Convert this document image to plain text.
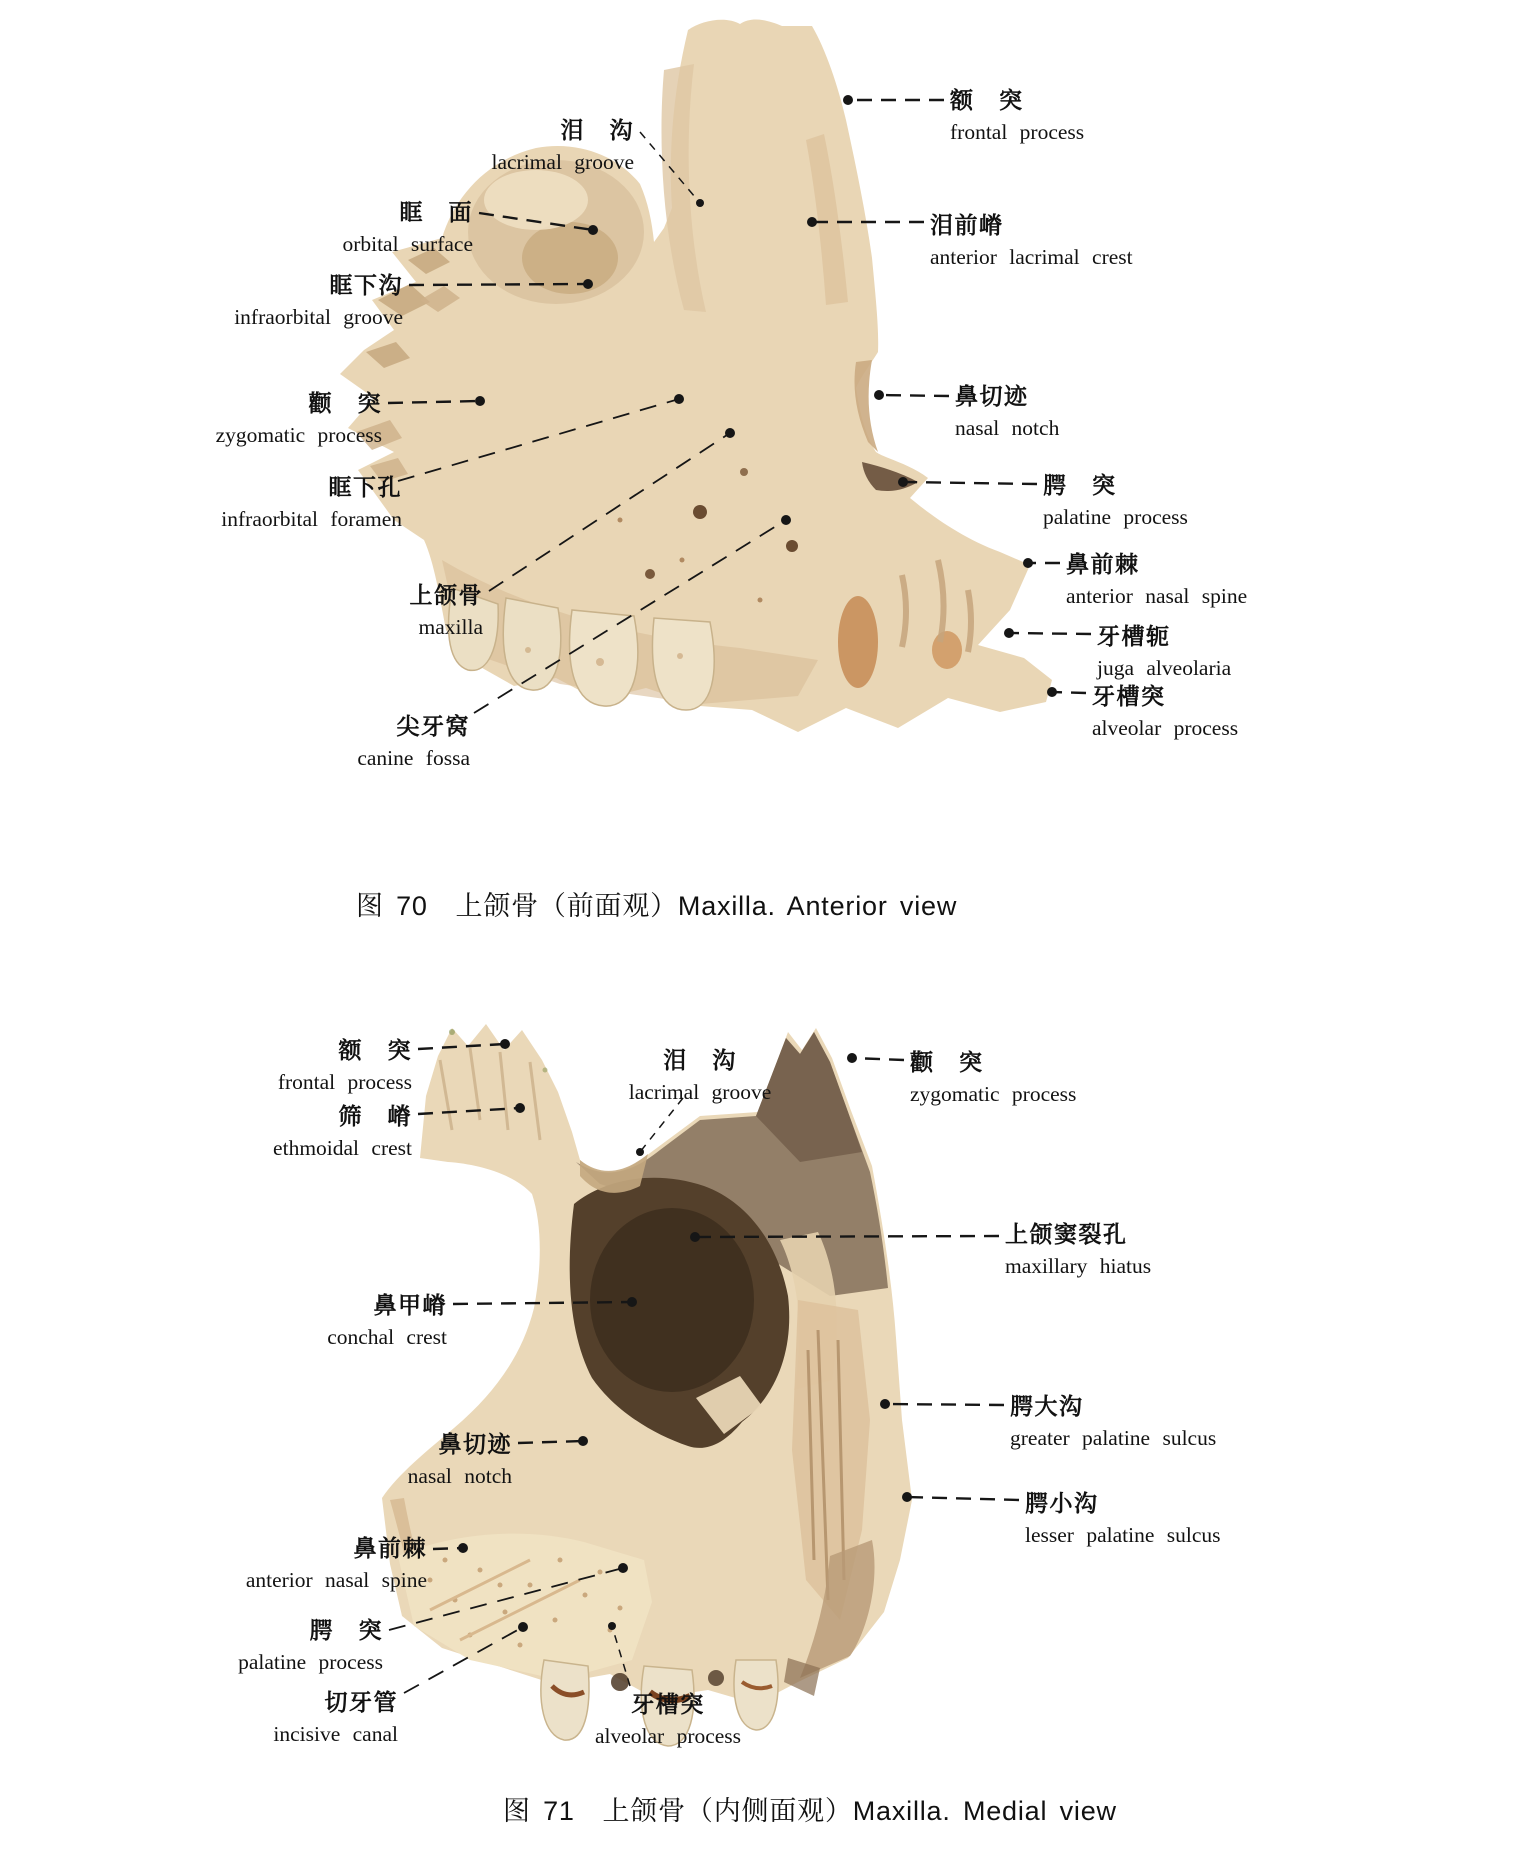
泪　沟
lacrimal groove
眶　面
orbital surface
眶下沟
infraorbital groove
颧　突
zygomatic process
眶下孔
infraorbital foramen
上颌骨
maxilla
尖牙窝
canine fossa
额　突
frontal process
泪前嵴
anterior lacrimal crest
鼻切迹
nasal notch
腭　突
palatine process
鼻前棘
anterior nasal spine
牙槽轭
juga alveolaria
牙槽突
alveolar process
额　突
frontal process
筛　嵴
ethmoidal crest
泪　沟
lacrimal groove
颧　突
zygomatic process
上颌窦裂孔
maxillary hiatus
鼻甲嵴
conchal crest
鼻切迹
nasal notch
腭大沟
greater palatine sulcus
腭小沟
lesser palatine sulcus
鼻前棘
anterior nasal spine
腭　突
palatine process
切牙管
incisive canal
牙槽突
alveolar process
图 70　上颌骨（前面观）Maxilla. Anterior view
图 71　上颌骨（内侧面观）Maxilla. Medial view
